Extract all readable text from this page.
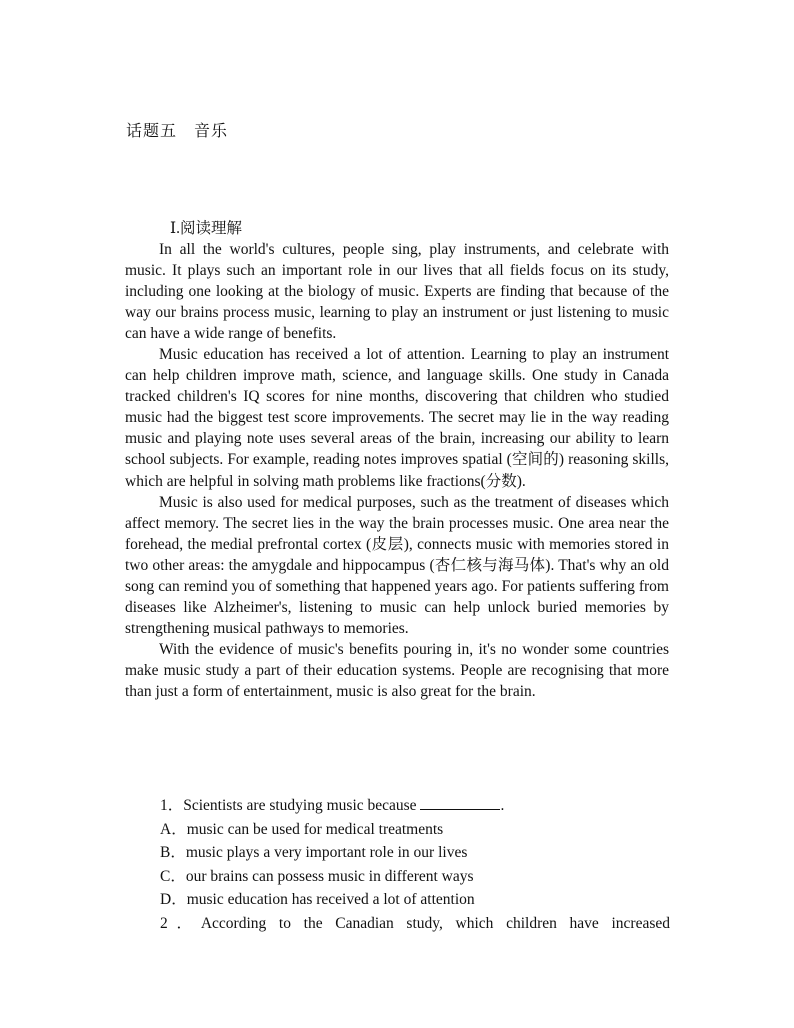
话题五　音乐
Ⅰ.阅读理解

In all the world's cultures, people sing, play instruments, and celebrate with music. It plays such an important role in our lives that all fields focus on its study, including one looking at the biology of music. Experts are finding that because of the way our brains process music, learning to play an instrument or just listening to music can have a wide range of benefits.

Music education has received a lot of attention. Learning to play an instrument can help children improve math, science, and language skills. One study in Canada tracked children's IQ scores for nine months, discovering that children who studied music had the biggest test score improvements. The secret may lie in the way reading music and playing note uses several areas of the brain, increasing our ability to learn school subjects. For example, reading notes improves spatial (空间的) reasoning skills, which are helpful in solving math problems like fractions(分数).

Music is also used for medical purposes, such as the treatment of diseases which affect memory. The secret lies in the way the brain processes music. One area near the forehead, the medial prefrontal cortex (皮层), connects music with memories stored in two other areas: the amygdale and hippocampus (杏仁核与海马体). That's why an old song can remind you of something that happened years ago. For patients suffering from diseases like Alzheimer's, listening to music can help unlock buried memories by strengthening musical pathways to memories.

With the evidence of music's benefits pouring in, it's no wonder some countries make music study a part of their education systems. People are recognising that more than just a form of entertainment, music is also great for the brain.

1．Scientists are studying music because	.
A．music can be used for medical treatments
B．music plays a very important role in our lives
C．our brains can possess music in different ways
D．music education has received a lot of attention
2．According to the Canadian study, which children have increased
